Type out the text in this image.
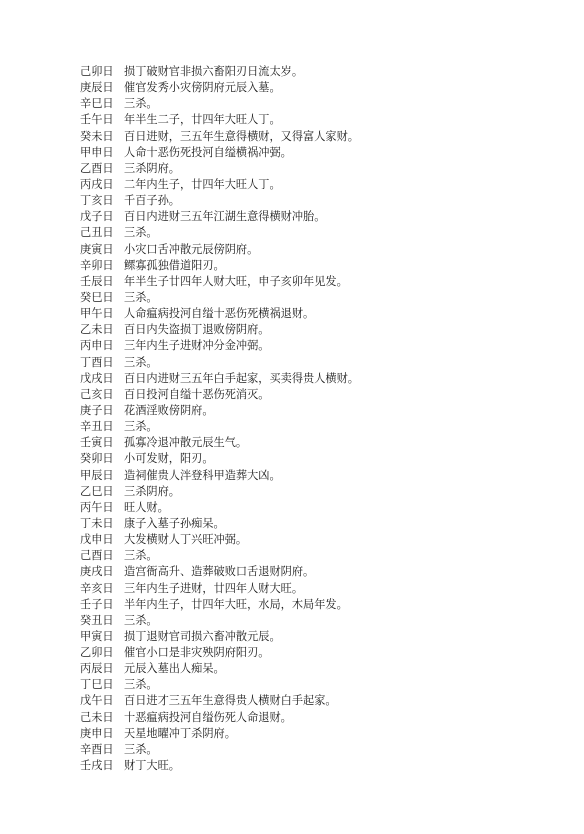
己卯日 损丁破财官非损六畜阳刃日流太岁。
庚辰日 催官发秀小灾傍阴府元辰入墓。
辛巳日 三杀。
壬午日 年半生二子，廿四年大旺人丁。
癸未日 百日进财，三五年生意得横财，又得富人家财。
甲申日 人命十恶伤死投河自缢横祸冲弼。
乙酉日 三杀阴府。
丙戌日 二年内生子，廿四年大旺人丁。
丁亥日 千百子孙。
戊子日 百日内进财三五年江湖生意得横财冲胎。
己丑日 三杀。
庚寅日 小灾口舌冲散元辰傍阴府。
辛卯日 鳏寡孤独借道阳刃。
壬辰日 年半生子廿四年人财大旺，申子亥卯年见发。
癸巳日 三杀。
甲午日 人命瘟病投河自缢十恶伤死横祸退财。
乙未日 百日内失盗损丁退败傍阴府。
丙申日 三年内生子进财冲分金冲弼。
丁酉日 三杀。
戊戌日 百日内进财三五年白手起家，买卖得贵人横财。
己亥日 百日投河自缢十恶伤死消灭。
庚子日 花酒淫败傍阴府。
辛丑日 三杀。
壬寅日 孤寡冷退冲散元辰生气。
癸卯日 小可发财，阳刃。
甲辰日 造祠催贵人泮登科甲造葬大凶。
乙巳日 三杀阴府。
丙午日 旺人财。
丁未日 康子入墓子孙痴呆。
戊申日 大发横财人丁兴旺冲弼。
己酉日 三杀。
庚戌日 造宫衙高升、造葬破败口舌退财阴府。
辛亥日 三年内生子进财，廿四年人财大旺。
壬子日 半年内生子，廿四年大旺，水局，木局年发。
癸丑日 三杀。
甲寅日 损丁退财官司损六畜冲散元辰。
乙卯日 催官小口是非灾殃阴府阳刃。
丙辰日 元辰入墓出人痴呆。
丁巳日 三杀。
戊午日 百日进才三五年生意得贵人横财白手起家。
己未日 十恶瘟病投河自缢伤死人命退财。
庚申日 天星地曜冲丁杀阴府。
辛酉日 三杀。
壬戌日 财丁大旺。
